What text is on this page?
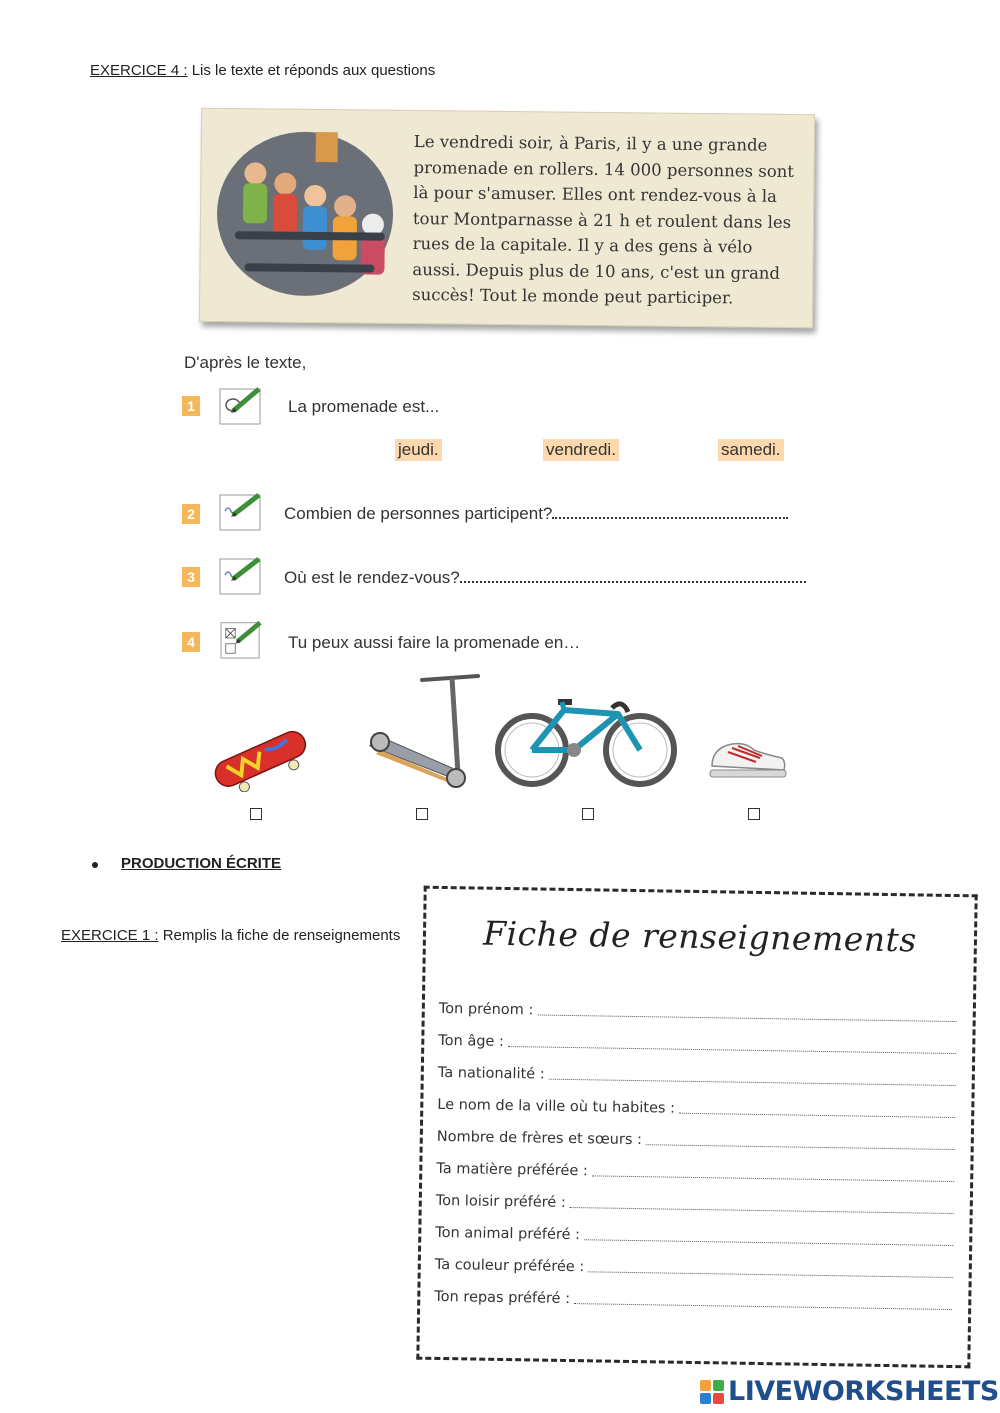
EXERCICE 4 : Lis le texte et réponds aux questions
Le vendredi soir, à Paris, il y a une grande promenade en rollers. 14 000 personnes sont là pour s'amuser. Elles ont rendez-vous à la tour Montparnasse à 21 h et roulent dans les rues de la capitale. Il y a des gens à vélo aussi. Depuis plus de 10 ans, c'est un grand succès! Tout le monde peut participer.
D'après le texte,
1	La promenade est...
jeudi.	vendredi.	samedi.
2	Combien de personnes participent?
3	Où est le rendez-vous?
4	Tu peux aussi faire la promenade en…
PRODUCTION ÉCRITE
EXERCICE 1 : Remplis la fiche de renseignements	Fiche de renseignements
Ton prénom :
Ton âge :
Ta nationalité :
Le nom de la ville où tu habites :
Nombre de frères et sœurs :
Ta matière préférée :
Ton loisir préféré :
Ton animal préféré :
Ta couleur préférée :
Ton repas préféré :
LIVEWORKSHEETS
